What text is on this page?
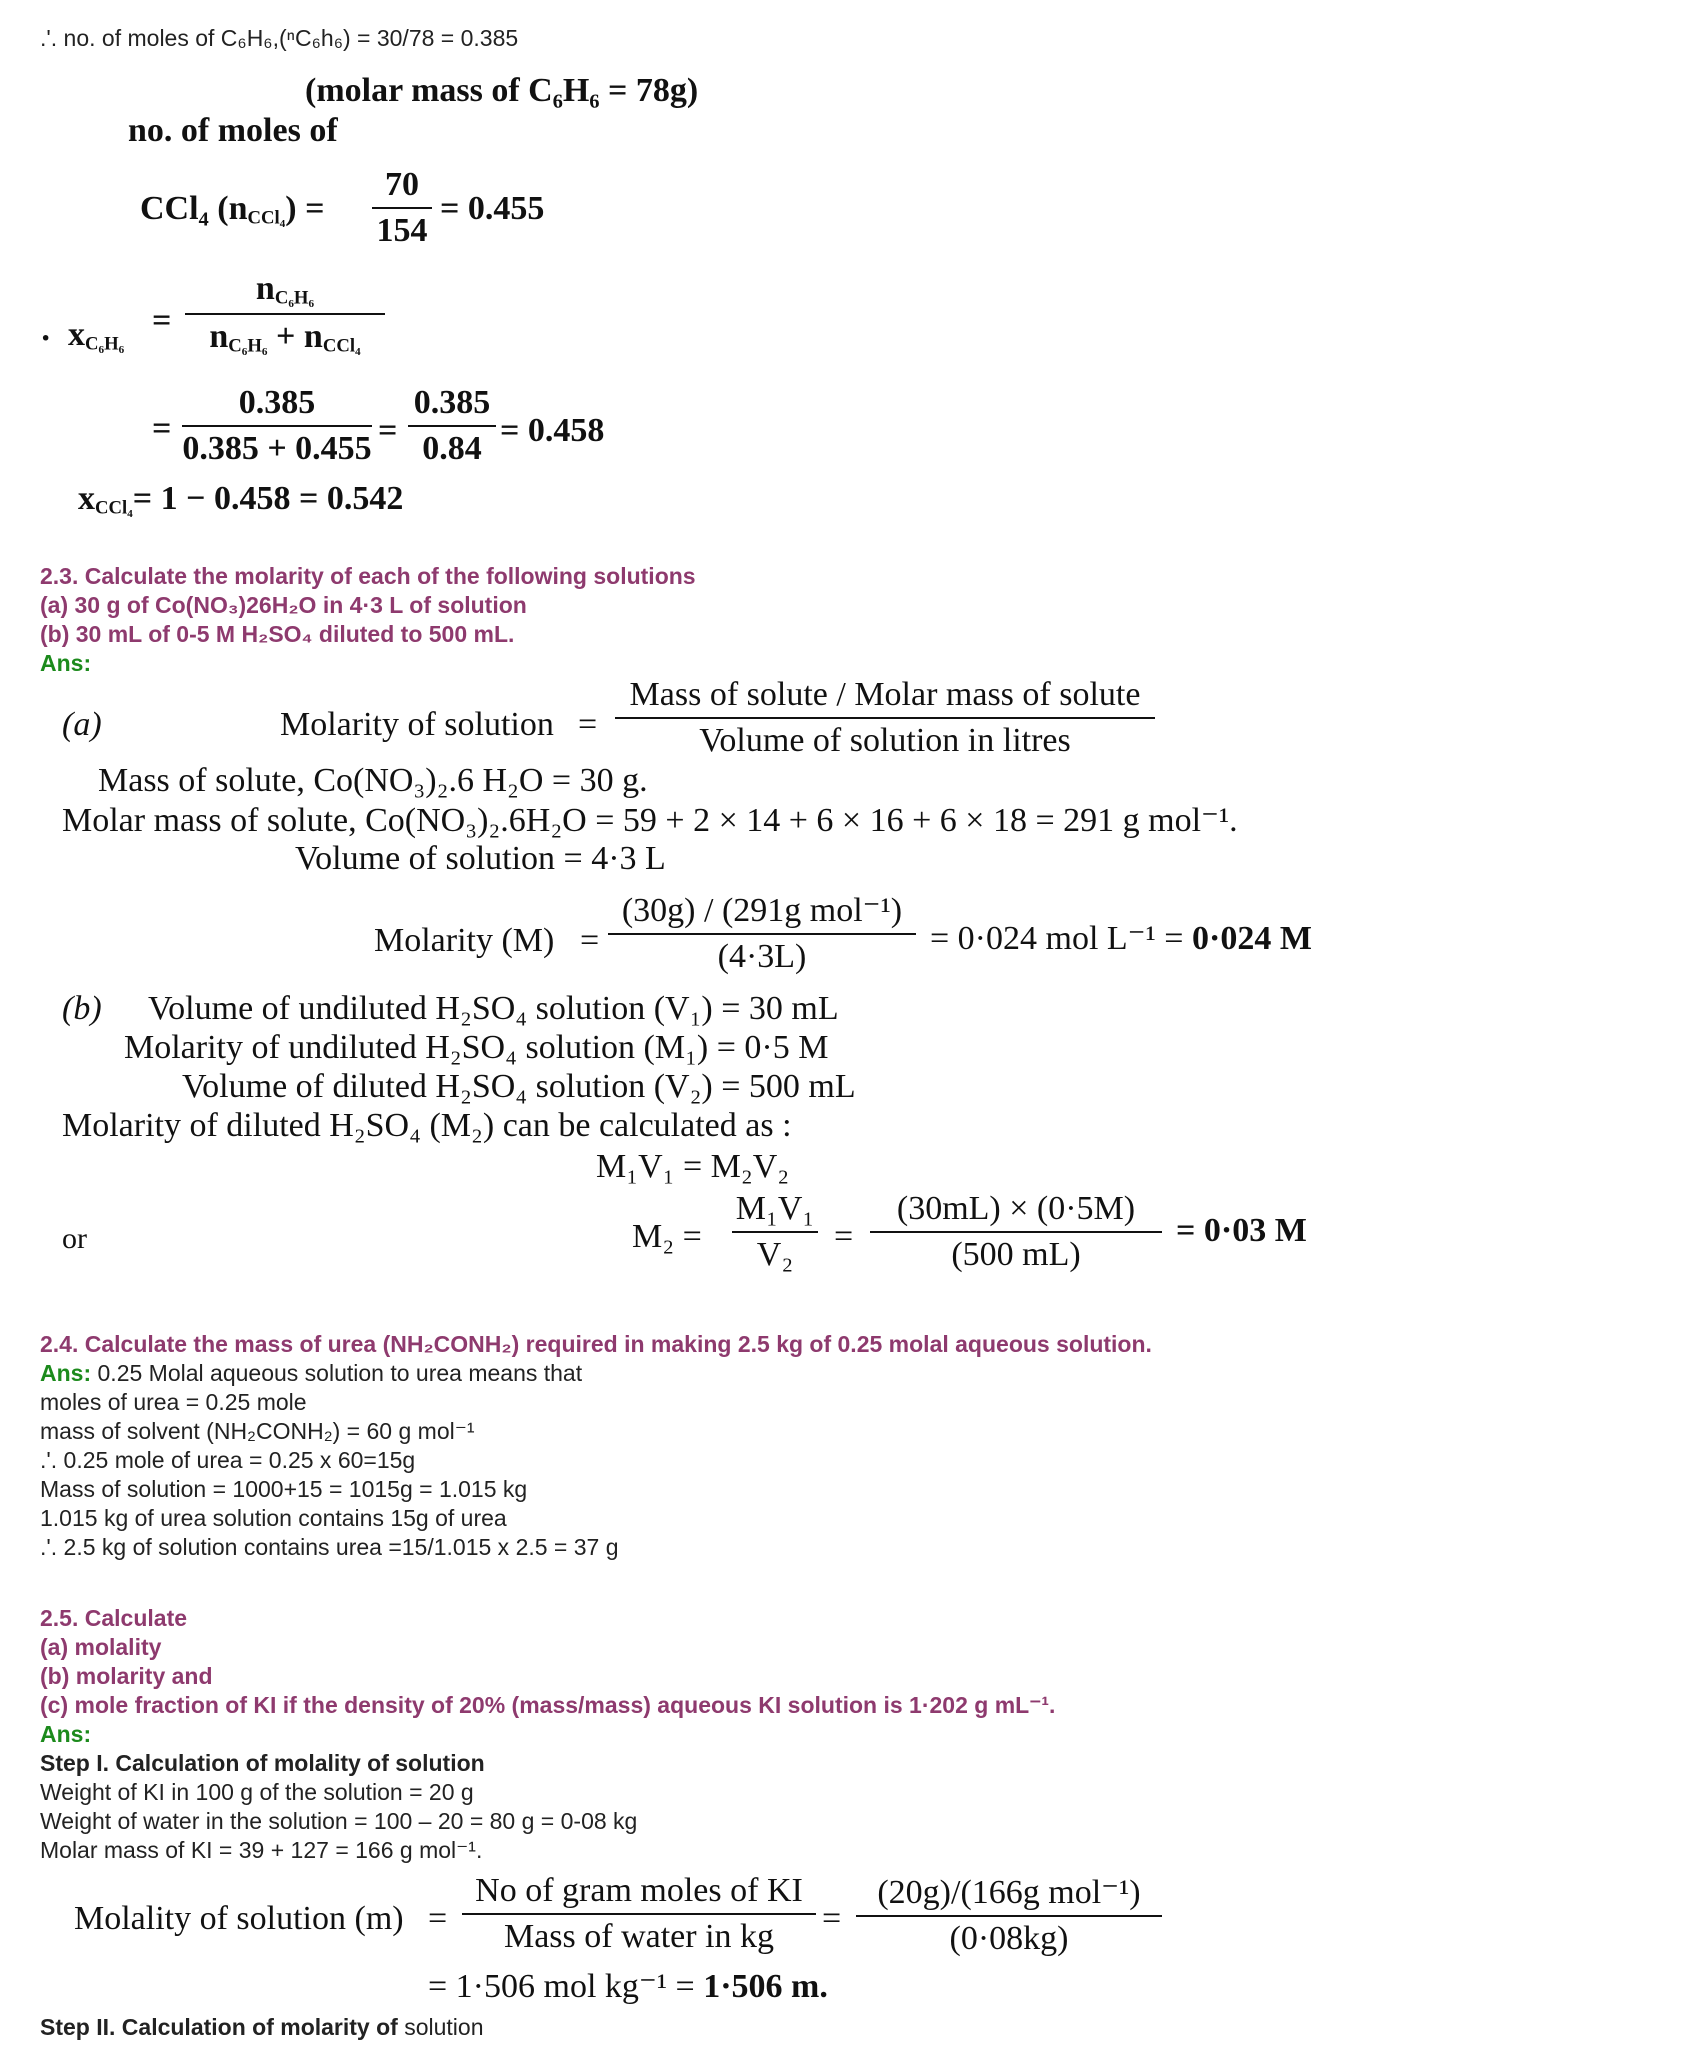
.'. no. of moles of C₆H₆,(ⁿC₆h₆) = 30/78 = 0.385
(molar mass of C₆H₆ = 78g)
no. of moles of
CCl₄ (nCCl₄) =
70
154
= 0.455
· xC₆H₆
=
nC₆H₆
nC₆H₆ + nCCl₄
=
0.385
0.385 + 0.455 =
0.385
0.84 = 0.458
xCCl₄= 1 − 0.458 = 0.542
2.3. Calculate the molarity of each of the following solutions
(a) 30 g of Co(NO₃)26H₂O in 4·3 L of solution
(b) 30 mL of 0-5 M H₂SO₄ diluted to 500 mL.
Ans:
(a)	Molarity of solution =
Mass of solute / Molar mass of solute
Volume of solution in litres
Mass of solute, Co(NO₃)₂.6 H₂O = 30 g.
Molar mass of solute, Co(NO₃)₂.6H₂O = 59 + 2 × 14 + 6 × 16 + 6 × 18 = 291 g mol⁻¹.
Volume of solution = 4·3 L
Molarity (M) =
(30g) / (291g mol⁻¹)
(4·3L)	= 0·024 mol L⁻¹ = 0·024 M
(b) Volume of undiluted H₂SO₄ solution (V₁) = 30 mL
Molarity of undiluted H₂SO₄ solution (M₁) = 0·5 M
Volume of diluted H₂SO₄ solution (V₂) = 500 mL
Molarity of diluted H₂SO₄ (M₂) can be calculated as :
M₁V₁ = M₂V₂
or	M₂ =
M₁V₁
V₂	=
(30mL) × (0·5M)
(500 mL)
= 0·03 M
2.4. Calculate the mass of urea (NH₂CONH₂) required in making 2.5 kg of 0.25 molal aqueous solution.
Ans: 0.25 Molal aqueous solution to urea means that
moles of urea = 0.25 mole
mass of solvent (NH₂CONH₂) = 60 g mol⁻¹
.'. 0.25 mole of urea = 0.25 x 60=15g
Mass of solution = 1000+15 = 1015g = 1.015 kg
1.015 kg of urea solution contains 15g of urea
.'. 2.5 kg of solution contains urea =15/1.015 x 2.5 = 37 g
2.5. Calculate
(a) molality
(b) molarity and
(c) mole fraction of KI if the density of 20% (mass/mass) aqueous KI solution is 1·202 g mL⁻¹.
Ans:
Step I. Calculation of molality of solution
Weight of KI in 100 g of the solution = 20 g
Weight of water in the solution = 100 – 20 = 80 g = 0-08 kg
Molar mass of KI = 39 + 127 = 166 g mol⁻¹.
Molality of solution (m) =
No of gram moles of KI
Mass of water in kg	=
(20g)/(166g mol⁻¹)
(0·08kg)
= 1·506 mol kg⁻¹ = 1·506 m.
Step II. Calculation of molarity of solution
